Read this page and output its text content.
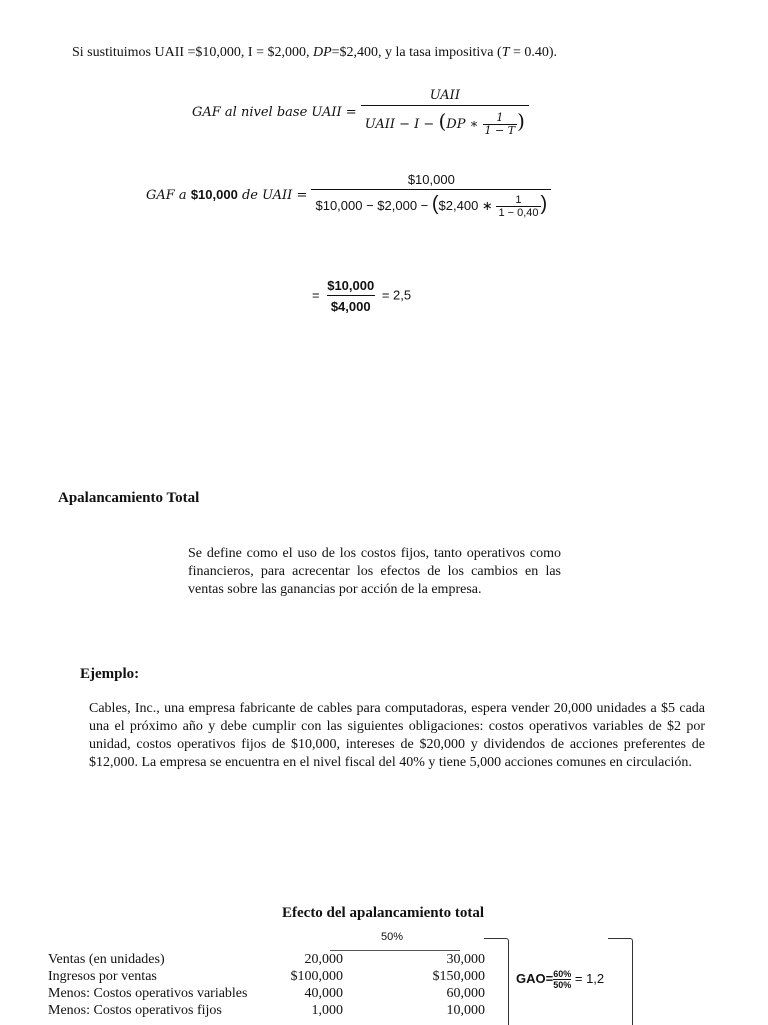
Si sustituimos UAII =$10,000, I = $2,000, DP=$2,400, y la tasa impositiva (T = 0.40).
GAF al nivel base UAII = $\frac{\text{UAII}}{UAII - I - (DP ∗ \frac{1}{1 - T} )}$
GAF a $10,000 de UAII = $\frac{\$10,000}{\$10,000 - \$2,000 - (\$2,400 ∗ \frac{1}{1 - 0,40} )}$
= $\frac{\$10,000}{\$4,000} = 2,5$
Apalancamiento Total
Se define como el uso de los costos fijos, tanto operativos como financieros, para acrecentar los efectos de los cambios en las ventas sobre las ganancias por acción de la empresa.
Ejemplo:
Cables, Inc., una empresa fabricante de cables para computadoras, espera vender 20,000 unidades a $5 cada una el próximo año y debe cumplir con las siguientes obligaciones: costos operativos variables de $2 por unidad, costos operativos fijos de $10,000, intereses de $20,000 y dividendos de acciones preferentes de $12,000. La empresa se encuentra en el nivel fiscal del 40% y tiene 5,000 acciones comunes en circulación.
Efecto del apalancamiento total
50%
Ventas (en unidades)	20,000	30,000
Ingresos por ventas	$100,000	$150,000
Menos: Costos operativos variables	40,000	60,000
Menos: Costos operativos fijos	1,000	10,000
$GAO= \frac{60\%}{50\%} = 1,2$
